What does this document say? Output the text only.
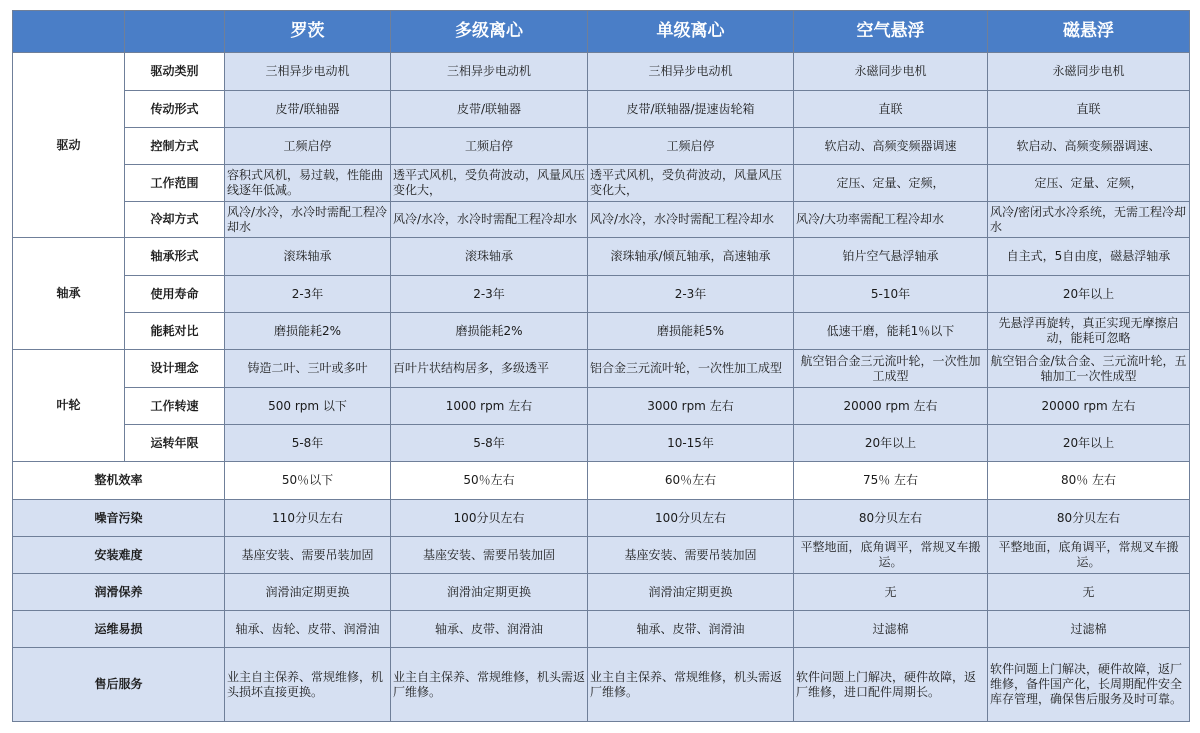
		罗茨	多级离心	单级离心	空气悬浮	磁悬浮
驱动	驱动类别	三相异步电动机	三相异步电动机	三相异步电动机	永磁同步电机	永磁同步电机
	传动形式	皮带/联轴器	皮带/联轴器	皮带/联轴器/提速齿轮箱	直联	直联
	控制方式	工频启停	工频启停	工频启停	软启动、高频变频器调速	软启动、高频变频器调速、
	工作范围	容积式风机，易过载，性能曲线逐年低减。	透平式风机，受负荷波动，风量风压变化大，	透平式风机，受负荷波动，风量风压变化大，	定压、定量、定频，	定压、定量、定频，
	冷却方式	风冷/水冷，水冷时需配工程冷却水	风冷/水冷，水冷时需配工程冷却水	风冷/水冷，水冷时需配工程冷却水	风冷/大功率需配工程冷却水	风冷/密闭式水冷系统，无需工程冷却水
轴承	轴承形式	滚珠轴承	滚珠轴承	滚珠轴承/倾瓦轴承，高速轴承	铂片空气悬浮轴承	自主式，5自由度，磁悬浮轴承
	使用寿命	2-3年	2-3年	2-3年	5-10年	20年以上
	能耗对比	磨损能耗2%	磨损能耗2%	磨损能耗5%	低速干磨，能耗1％以下	先悬浮再旋转，真正实现无摩擦启动，能耗可忽略
叶轮	设计理念	铸造二叶、三叶或多叶	百叶片状结构居多，多级透平	铝合金三元流叶轮，一次性加工成型	航空铝合金三元流叶轮，一次性加工成型	航空铝合金/钛合金、三元流叶轮，五轴加工一次性成型
	工作转速	500 rpm 以下	1000 rpm 左右	3000 rpm 左右	20000 rpm 左右	20000 rpm 左右
	运转年限	5-8年	5-8年	10-15年	20年以上	20年以上
整机效率		50％以下	50％左右	60％左右	75％ 左右	80％ 左右
噪音污染		110分贝左右	100分贝左右	100分贝左右	80分贝左右	80分贝左右
安装难度		基座安装、需要吊装加固	基座安装、需要吊装加固	基座安装、需要吊装加固	平整地面，底角调平，常规叉车搬运。	平整地面，底角调平，常规叉车搬运。
润滑保养		润滑油定期更换	润滑油定期更换	润滑油定期更换	无	无
运维易损		轴承、齿轮、皮带、润滑油	轴承、皮带、润滑油	轴承、皮带、润滑油	过滤棉	过滤棉
售后服务		业主自主保养、常规维修，机头损坏直接更换。	业主自主保养、常规维修，机头需返厂维修。	业主自主保养、常规维修，机头需返厂维修。	软件问题上门解决，硬件故障，返厂维修，进口配件周期长。	软件问题上门解决，硬件故障，返厂维修，备件国产化，长周期配件安全库存管理，确保售后服务及时可靠。
